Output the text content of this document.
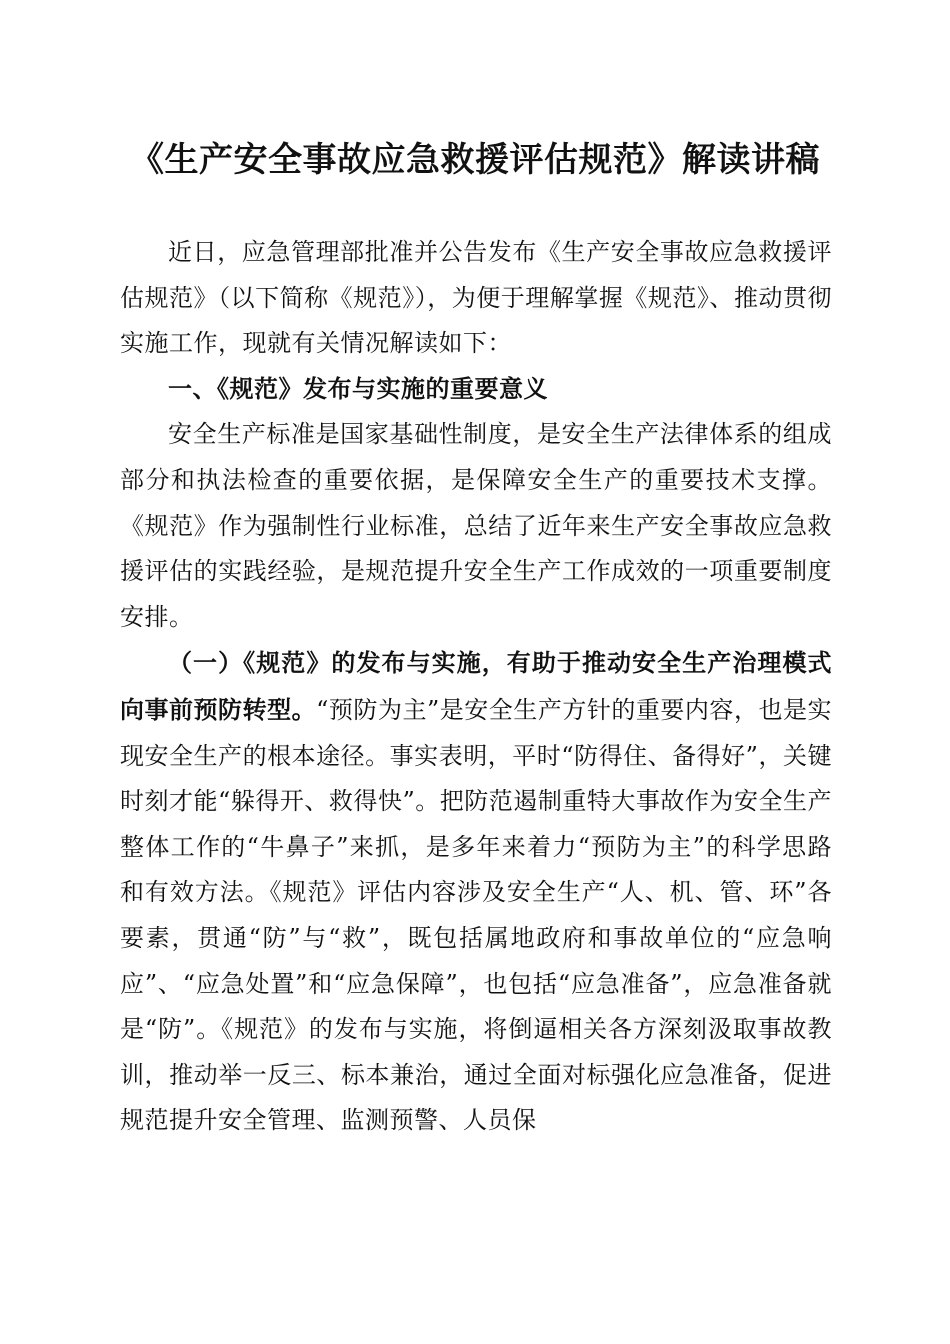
《生产安全事故应急救援评估规范》解读讲稿

近日，应急管理部批准并公告发布《生产安全事故应急救援评估规范》（以下简称《规范》），为便于理解掌握《规范》、推动贯彻实施工作，现就有关情况解读如下：

一、《规范》发布与实施的重要意义

安全生产标准是国家基础性制度，是安全生产法律体系的组成部分和执法检查的重要依据，是保障安全生产的重要技术支撑。《规范》作为强制性行业标准，总结了近年来生产安全事故应急救援评估的实践经验，是规范提升安全生产工作成效的一项重要制度安排。

（一）《规范》的发布与实施，有助于推动安全生产治理模式向事前预防转型。“预防为主”是安全生产方针的重要内容，也是实现安全生产的根本途径。事实表明，平时“防得住、备得好”，关键时刻才能“躲得开、救得快”。把防范遏制重特大事故作为安全生产整体工作的“牛鼻子”来抓，是多年来着力“预防为主”的科学思路和有效方法。《规范》评估内容涉及安全生产“人、机、管、环”各要素，贯通“防”与“救”，既包括属地政府和事故单位的“应急响应”、“应急处置”和“应急保障”，也包括“应急准备”，应急准备就是“防”。《规范》的发布与实施，将倒逼相关各方深刻汲取事故教训，推动举一反三、标本兼治，通过全面对标强化应急准备，促进规范提升安全管理、监测预警、人员保
